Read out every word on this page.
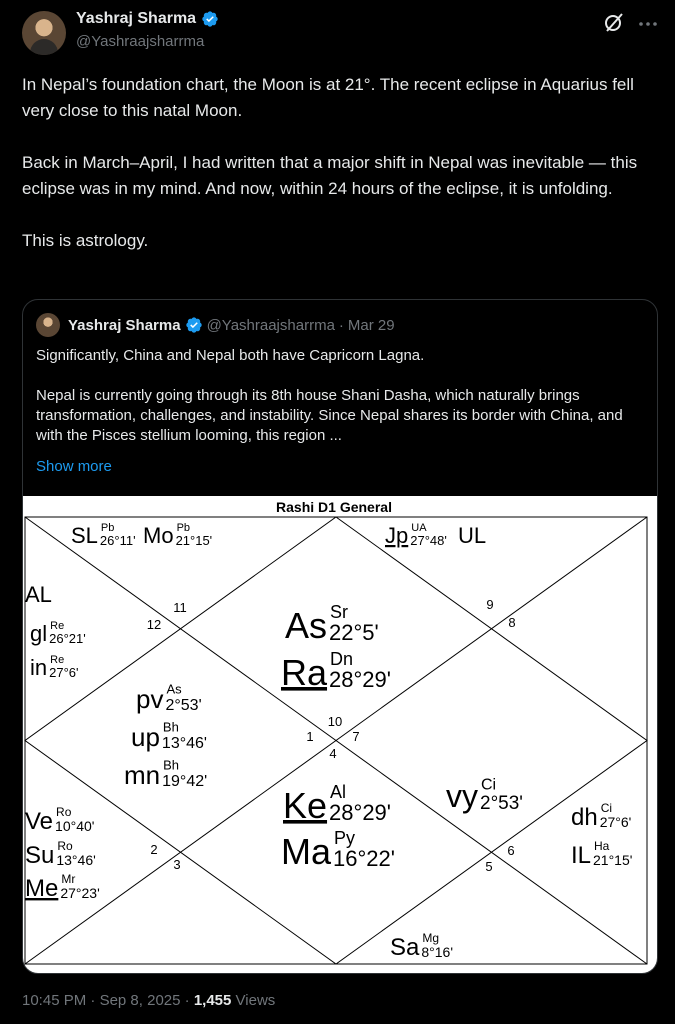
Yashraj Sharma
@Yashraajsharrma

In Nepal’s foundation chart, the Moon is at 21°. The recent eclipse in Aquarius fell very close to this natal Moon.

Back in March–April, I had written that a major shift in Nepal was inevitable — this eclipse was in my mind. And now, within 24 hours of the eclipse, it is unfolding.

This is astrology.

Yashraj Sharma @Yashraajsharrma · Mar 29

Significantly, China and Nepal both have Capricorn Lagna.

Nepal is currently going through its 8th house Shani Dasha, which naturally brings transformation, challenges, and instability. Since Nepal shares its border with China, and with the Pisces stellium looming, this region ...

Show more
Rashi D1 General
11
12
9
8
10
1	7
4
2
3
6
5
SL Pb
26°11' Mo Pb
21°15'	Jp UA
27°48' UL
AL
gl Re
26°21'
in Re
27°6'
As Sr
22°5'
Ra Dn
28°29'
pv As
2°53'
up Bh
13°46'
mn Bh
19°42'
Ke Al
28°29'
Ma Py
16°22'
vy Ci
2°53'
Ve Ro
10°40'
Su Ro
13°46'
Me Mr
27°23'
dh Ci
27°6'
IL Ha
21°15'
Sa Mg
8°16'
10:45 PM · Sep 8, 2025 · 1,455 Views
